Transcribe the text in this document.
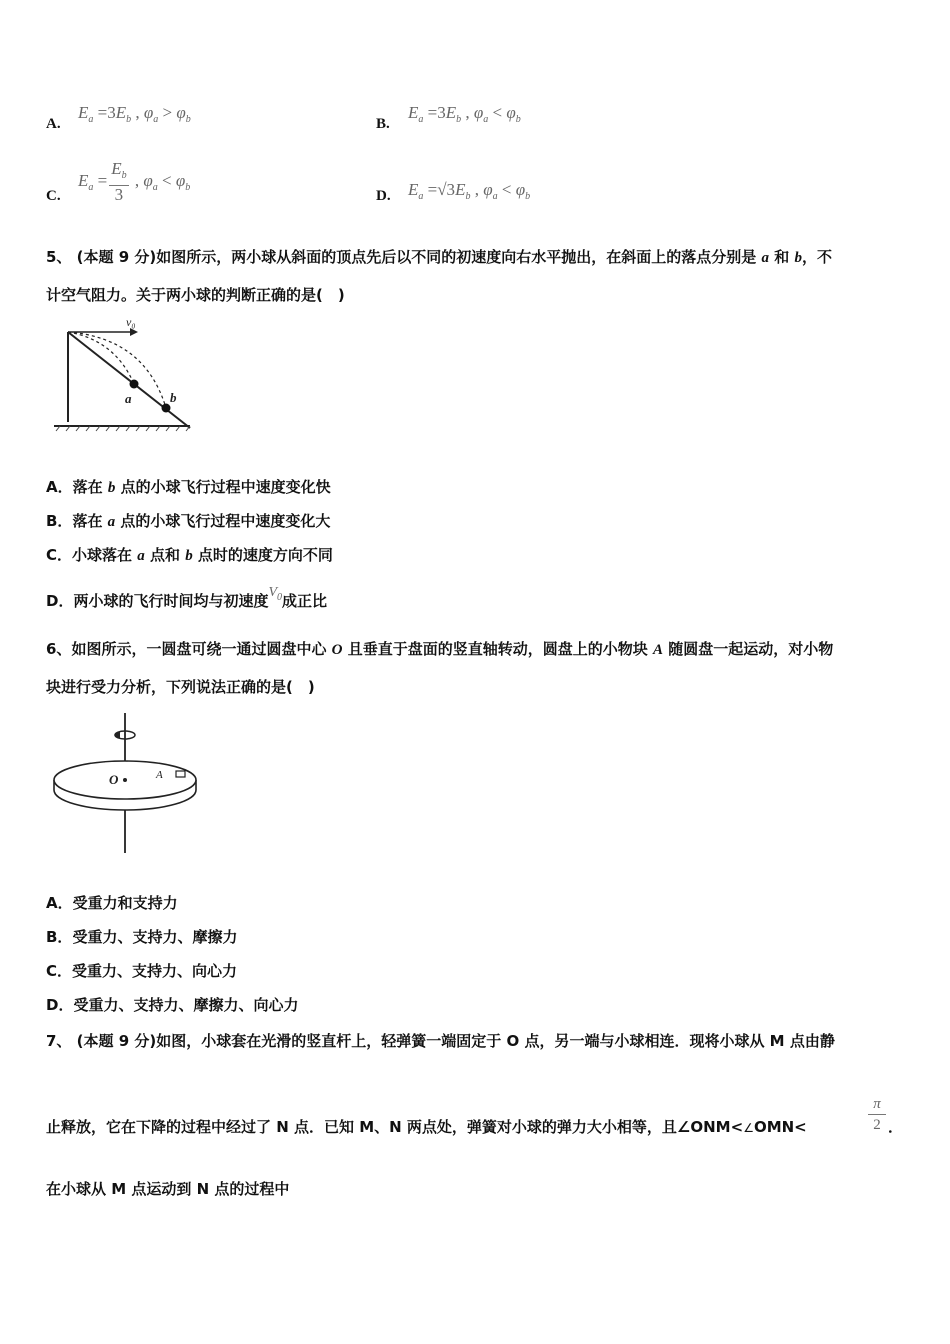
A.
$E_a =3E_b$ , $\varphi_a > \varphi_b$	B.
$E_a =3E_b$ , $\varphi_a < \varphi_b$
C.
$E_a = \frac{E_b}{3}$ , $\varphi_a < \varphi_b$
D. $E_a =√3E_b$ , $\varphi_a < \varphi_b$
5、 (本题 9 分)如图所示，两小球从斜面的顶点先后以不同的初速度向右水平抛出，在斜面上的落点分别是 a 和 b，不
计空气阻力。关于两小球的判断正确的是(　)
v₀
a	b
A．落在 b 点的小球飞行过程中速度变化快
B．落在 a 点的小球飞行过程中速度变化大
C．小球落在 a 点和 b 点时的速度方向不同
D．两小球的飞行时间均与初速度$V_0$成正比
6、如图所示，一圆盘可绕一通过圆盘中心 O 且垂直于盘面的竖直轴转动，圆盘上的小物块 A 随圆盘一起运动，对小物
块进行受力分析，下列说法正确的是(　)
O	A
A．受重力和支持力
B．受重力、支持力、摩擦力
C．受重力、支持力、向心力
D．受重力、支持力、摩擦力、向心力
7、 (本题 9 分)如图，小球套在光滑的竖直杆上，轻弹簧一端固定于 O 点，另一端与小球相连．现将小球从 M 点由静
止释放，它在下降的过程中经过了 N 点．已知 M、N 两点处，弹簧对小球的弹力大小相等，且∠ONM<∠OMN<
π
2 ．
在小球从 M 点运动到 N 点的过程中
